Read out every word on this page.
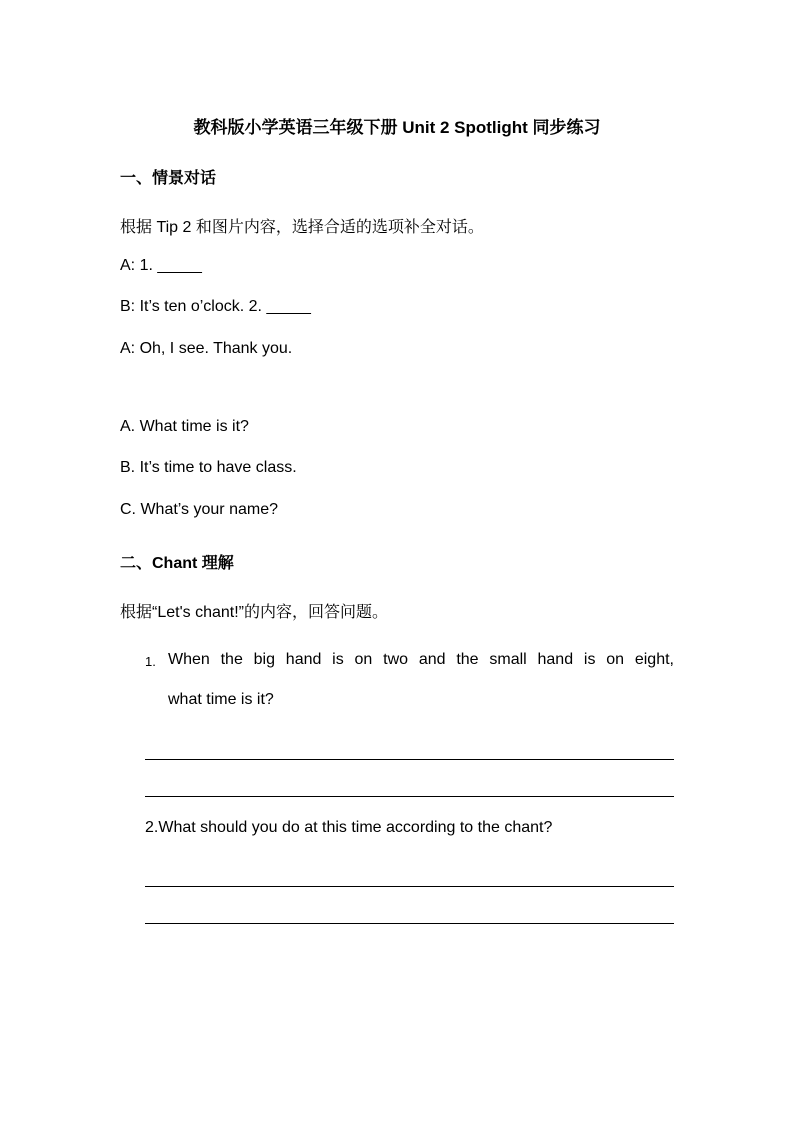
教科版小学英语三年级下册 Unit 2 Spotlight 同步练习
一、情景对话
根据 Tip 2 和图片内容，选择合适的选项补全对话。
A: 1. _____
B: It’s ten o’clock. 2. _____
A: Oh, I see. Thank you.
A. What time is it?
B. It’s time to have class.
C. What’s your name?
二、Chant 理解
根据“Let's chant!”的内容，回答问题。
1. When the big hand is on two and the small hand is on eight,
what time is it?
2.What should you do at this time according to the chant?
